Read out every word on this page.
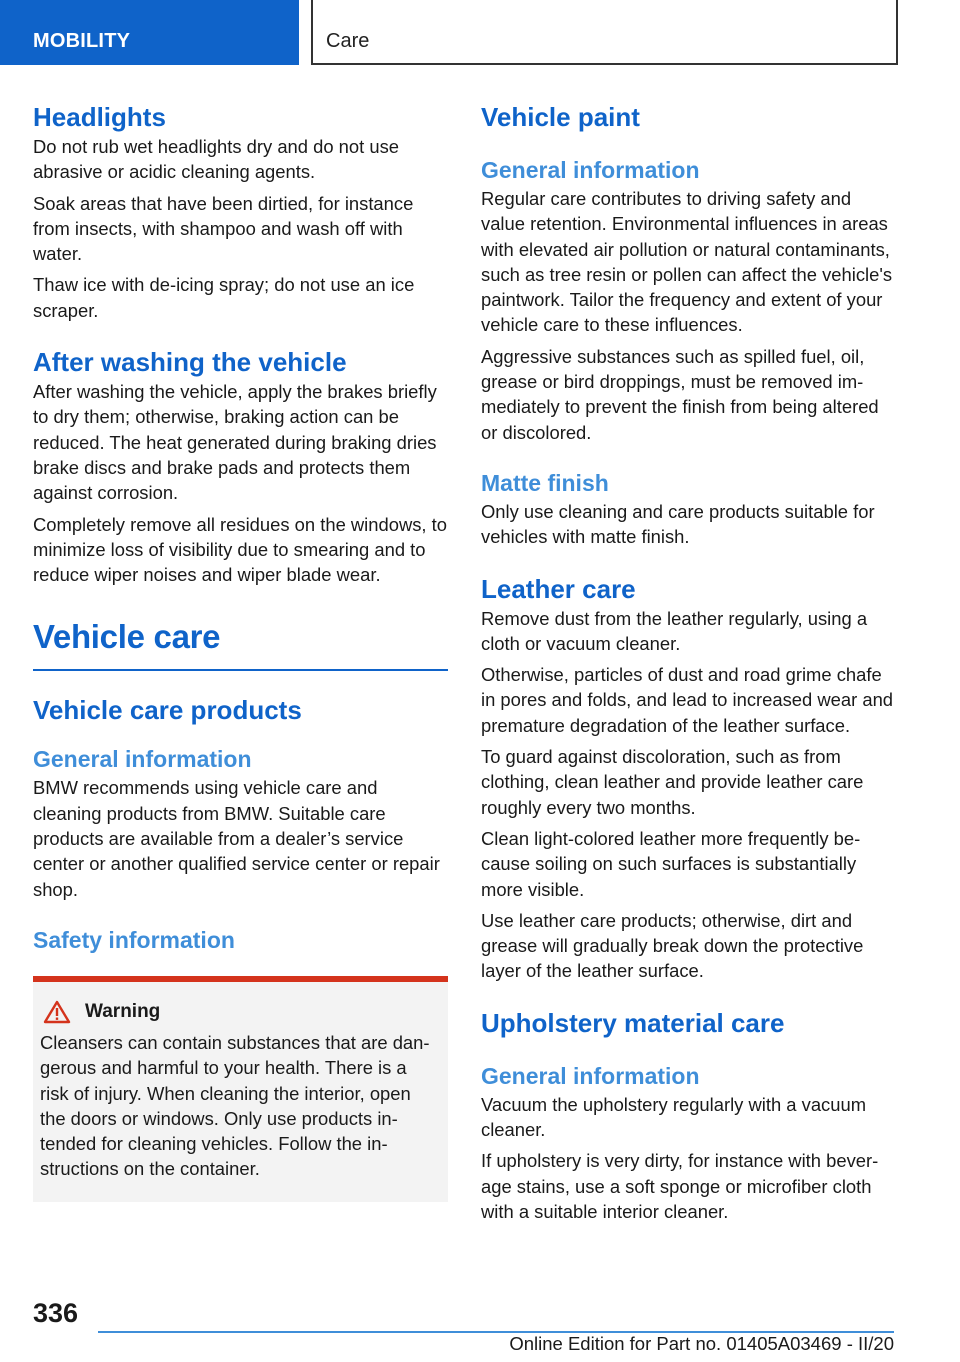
MOBILITY	Care
Headlights

Do not rub wet headlights dry and do not use abrasive or acidic cleaning agents.

Soak areas that have been dirtied, for instance from insects, with shampoo and wash off with water.

Thaw ice with de-icing spray; do not use an ice scraper.

After washing the vehicle

After washing the vehicle, apply the brakes briefly to dry them; otherwise, braking action can be reduced. The heat generated during braking dries brake discs and brake pads and protects them against corrosion.

Completely remove all residues on the windows, to minimize loss of visibility due to smearing and to reduce wiper noises and wiper blade wear.

Vehicle care
Vehicle care products
General information

BMW recommends using vehicle care and cleaning products from BMW. Suitable care products are available from a dealer’s service center or another qualified service center or repair shop.

Safety information
Warning

Cleansers can contain substances that are dangerous and harmful to your health. There is a risk of injury. When cleaning the interior, open the doors or windows. Only use products intended for cleaning vehicles. Follow the instructions on the container.

Vehicle paint
General information

Regular care contributes to driving safety and value retention. Environmental influences in areas with elevated air pollution or natural contaminants, such as tree resin or pollen can affect the vehicle's paintwork. Tailor the frequency and extent of your vehicle care to these influences.

Aggressive substances such as spilled fuel, oil, grease or bird droppings, must be removed immediately to prevent the finish from being altered or discolored.

Matte finish

Only use cleaning and care products suitable for vehicles with matte finish.

Leather care

Remove dust from the leather regularly, using a cloth or vacuum cleaner.

Otherwise, particles of dust and road grime chafe in pores and folds, and lead to increased wear and premature degradation of the leather surface.

To guard against discoloration, such as from clothing, clean leather and provide leather care roughly every two months.

Clean light-colored leather more frequently because soiling on such surfaces is substantially more visible.

Use leather care products; otherwise, dirt and grease will gradually break down the protective layer of the leather surface.

Upholstery material care
General information

Vacuum the upholstery regularly with a vacuum cleaner.

If upholstery is very dirty, for instance with beverage stains, use a soft sponge or microfiber cloth with a suitable interior cleaner.

336
Online Edition for Part no. 01405A03469 - II/20
